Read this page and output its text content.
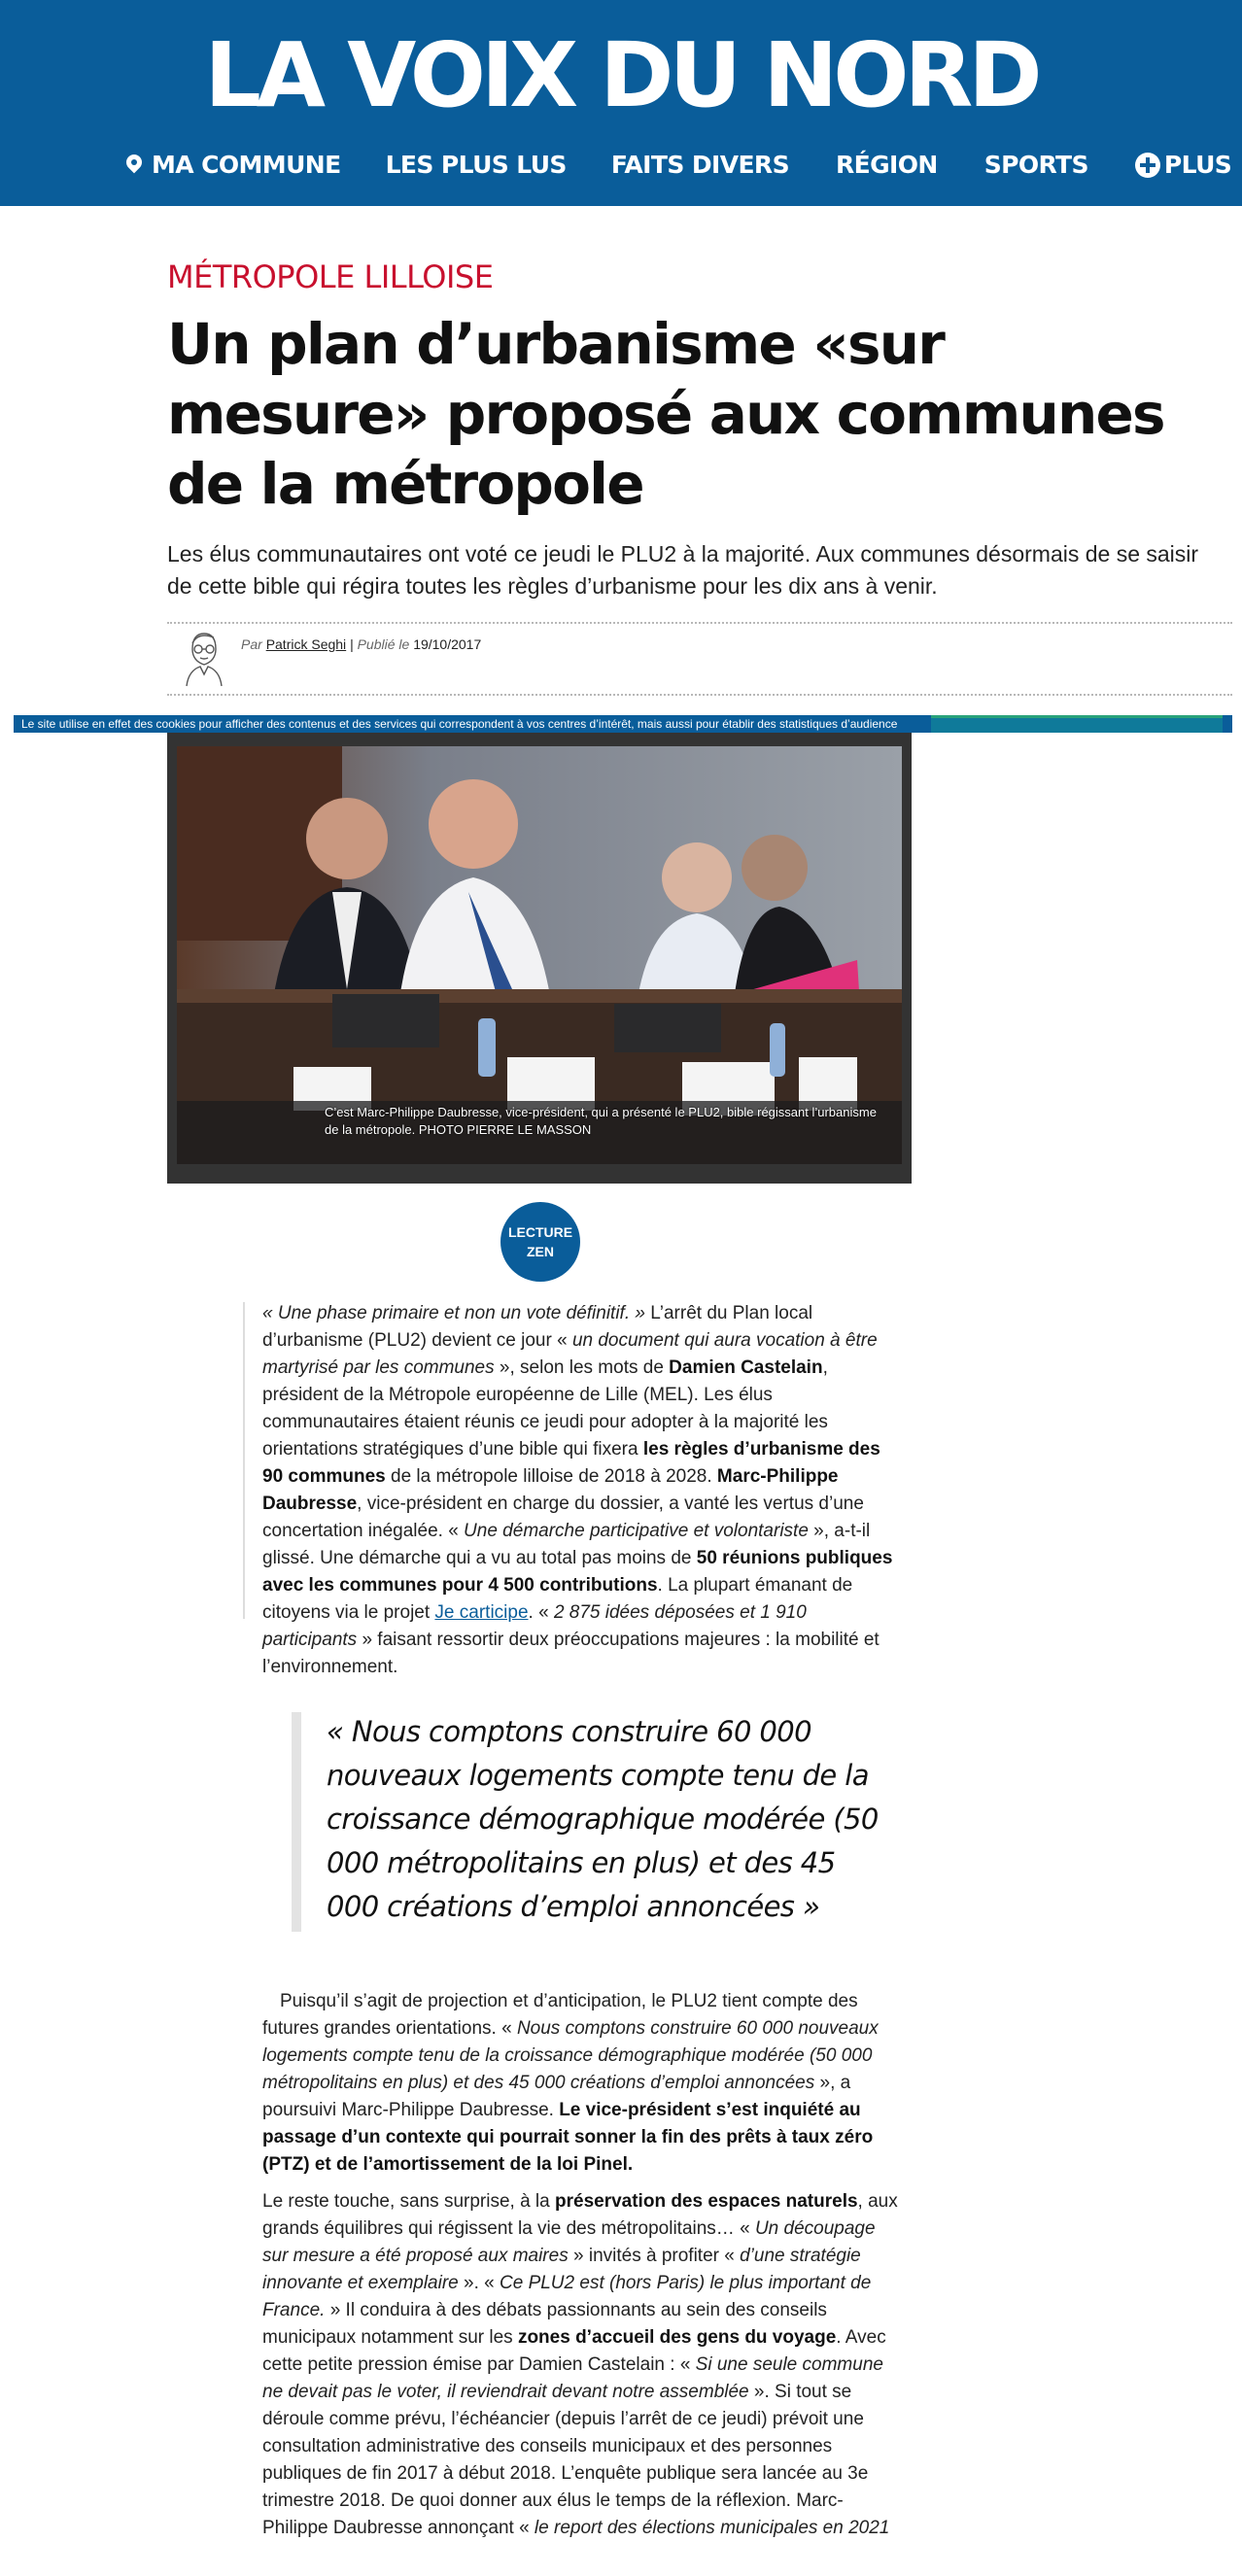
LA VOIX DU NORD
MA COMMUNE LES PLUS LUS FAITS DIVERS RÉGION SPORTS	PLUS
MÉTROPOLE LILLOISE
Un plan d’urbanisme «sur mesure» proposé aux communes de la métropole

Les élus communautaires ont voté ce jeudi le PLU2 à la majorité. Aux communes désormais de se saisir de cette bible qui régira toutes les règles d’urbanisme pour les dix ans à venir.

Par Patrick Seghi | Publié le 19/10/2017
Le site utilise en effet des cookies pour afficher des contenus et des services qui correspondent à vos centres d’intérêt, mais aussi pour établir des statistiques d’audience
C’est Marc-Philippe Daubresse, vice-président, qui a présenté le PLU2, bible régissant l’urbanisme de la métropole. PHOTO PIERRE LE MASSON
LECTURE
ZEN

« Une phase primaire et non un vote définitif. » L’arrêt du Plan local d’urbanisme (PLU2) devient ce jour « un document qui aura vocation à être martyrisé par les communes », selon les mots de Damien Castelain, président de la Métropole européenne de Lille (MEL). Les élus communautaires étaient réunis ce jeudi pour adopter à la majorité les orientations stratégiques d’une bible qui fixera les règles d’urbanisme des 90 communes de la métropole lilloise de 2018 à 2028. Marc-Philippe Daubresse, vice-président en charge du dossier, a vanté les vertus d’une concertation inégalée. « Une démarche participative et volontariste », a-t-il glissé. Une démarche qui a vu au total pas moins de 50 réunions publiques avec les communes pour 4 500 contributions. La plupart émanant de citoyens via le projet Je carticipe. « 2 875 idées déposées et 1 910 participants » faisant ressortir deux préoccupations majeures : la mobilité et l’environnement.

« Nous comptons construire 60 000 nouveaux logements compte tenu de la croissance démographique modérée (50 000 métropolitains en plus) et des 45 000 créations d’emploi annoncées »

Puisqu’il s’agit de projection et d’anticipation, le PLU2 tient compte des futures grandes orientations. « Nous comptons construire 60 000 nouveaux logements compte tenu de la croissance démographique modérée (50 000 métropolitains en plus) et des 45 000 créations d’emploi annoncées », a poursuivi Marc-Philippe Daubresse. Le vice-président s’est inquiété au passage d’un contexte qui pourrait sonner la fin des prêts à taux zéro (PTZ) et de l’amortissement de la loi Pinel.

Le reste touche, sans surprise, à la préservation des espaces naturels, aux grands équilibres qui régissent la vie des métropolitains… « Un découpage sur mesure a été proposé aux maires » invités à profiter « d’une stratégie innovante et exemplaire ». « Ce PLU2 est (hors Paris) le plus important de France. » Il conduira à des débats passionnants au sein des conseils municipaux notamment sur les zones d’accueil des gens du voyage. Avec cette petite pression émise par Damien Castelain : « Si une seule commune ne devait pas le voter, il reviendrait devant notre assemblée ». Si tout se déroule comme prévu, l’échéancier (depuis l’arrêt de ce jeudi) prévoit une consultation administrative des conseils municipaux et des personnes publiques de fin 2017 à début 2018. L’enquête publique sera lancée au 3e trimestre 2018. De quoi donner aux élus le temps de la réflexion. Marc-Philippe Daubresse annonçant « le report des élections municipales en 2021
